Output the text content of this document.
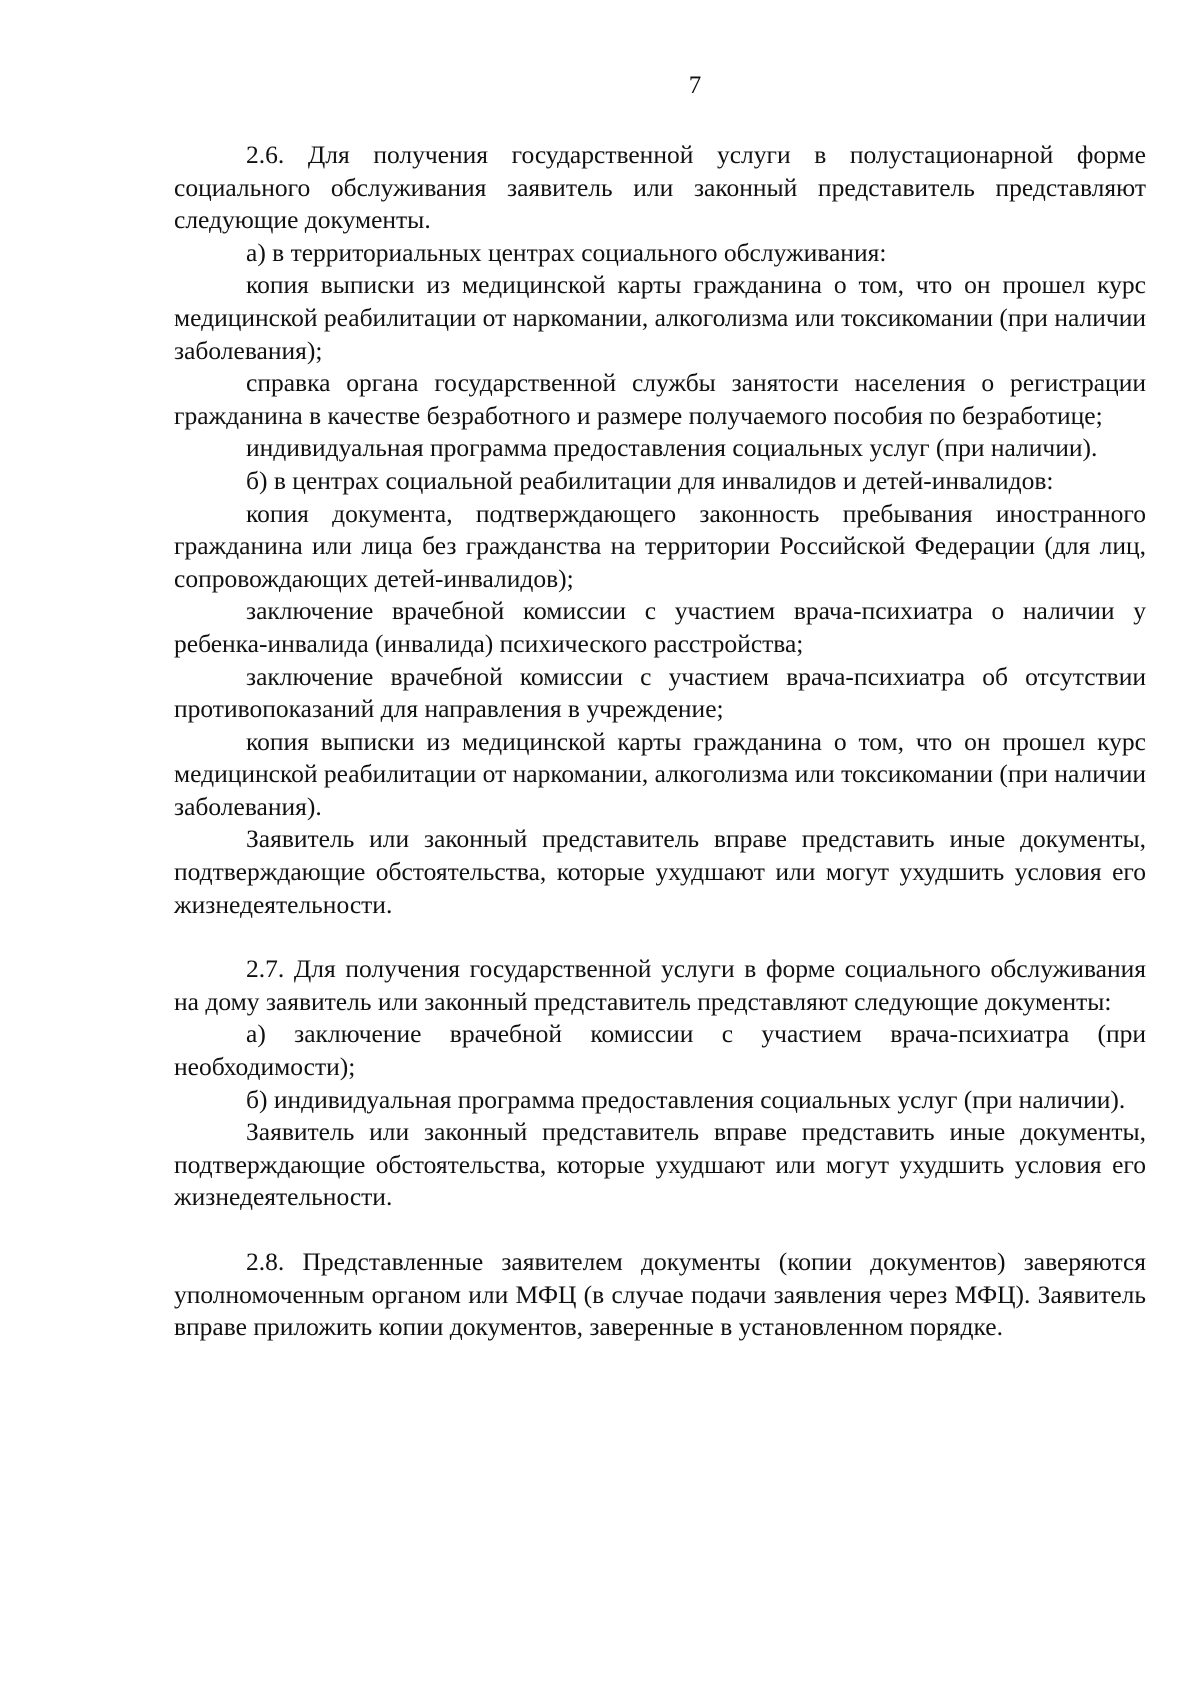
7

2.6. Для получения государственной услуги в полустационарной форме социального обслуживания заявитель или законный представитель представляют следующие документы.

а) в территориальных центрах социального обслуживания:

копия выписки из медицинской карты гражданина о том, что он прошел курс медицинской реабилитации от наркомании, алкоголизма или токсикомании (при наличии заболевания);

справка органа государственной службы занятости населения о регистрации гражданина в качестве безработного и размере получаемого пособия по безработице;

индивидуальная программа предоставления социальных услуг (при наличии).

б) в центрах социальной реабилитации для инвалидов и детей-инвалидов:

копия документа, подтверждающего законность пребывания иностранного гражданина или лица без гражданства на территории Российской Федерации (для лиц, сопровождающих детей-инвалидов);

заключение врачебной комиссии с участием врача-психиатра о наличии у ребенка-инвалида (инвалида) психического расстройства;

заключение врачебной комиссии с участием врача-психиатра об отсутствии противопоказаний для направления в учреждение;

копия выписки из медицинской карты гражданина о том, что он прошел курс медицинской реабилитации от наркомании, алкоголизма или токсикомании (при наличии заболевания).

Заявитель или законный представитель вправе представить иные документы, подтверждающие обстоятельства, которые ухудшают или могут ухудшить условия его жизнедеятельности.

2.7. Для получения государственной услуги в форме социального обслуживания на дому заявитель или законный представитель представляют следующие документы:

а) заключение врачебной комиссии с участием врача-психиатра (при необходимости);

б) индивидуальная программа предоставления социальных услуг (при наличии).

Заявитель или законный представитель вправе представить иные документы, подтверждающие обстоятельства, которые ухудшают или могут ухудшить условия его жизнедеятельности.

2.8. Представленные заявителем документы (копии документов) заверяются уполномоченным органом или МФЦ (в случае подачи заявления через МФЦ). Заявитель вправе приложить копии документов, заверенные в установленном порядке.
